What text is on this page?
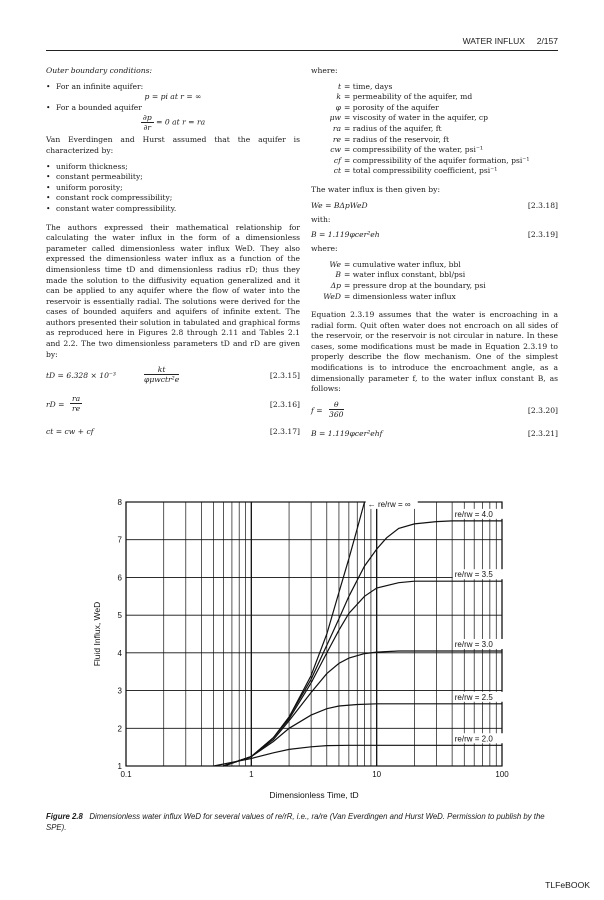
WATER INFLUX 2/157
Outer boundary conditions:
• For an infinite aquifer:
p = pi at r = ∞
• For a bounded aquifer
$\frac{\partial p}{\partial r} = 0$ at r = ra
Van Everdingen and Hurst assumed that the aquifer is characterized by:
• uniform thickness;
• constant permeability;
• uniform porosity;
• constant rock compressibility;
• constant water compressibility.
The authors expressed their mathematical relationship for calculating the water influx in the form of a dimensionless parameter called dimensionless water influx WeD. They also expressed the dimensionless water influx as a function of the dimensionless time tD and dimensionless radius rD; thus they made the solution to the diffusivity equation generalized and it can be applied to any aquifer where the flow of water into the reservoir is essentially radial. The solutions were derived for the cases of bounded aquifers and aquifers of infinite extent. The authors presented their solution in tabulated and graphical forms as reproduced here in Figures 2.8 through 2.11 and Tables 2.1 and 2.2. The two dimensionless parameters tD and rD are given by:
tD = 6.328 × 10⁻³
kt
φμwctr²e	[2.3.15]
rD = $\frac{ra}{re}$	[2.3.16]
ct = cw + cf	[2.3.17]
where:
t = time, days
k = permeability of the aquifer, md
φ = porosity of the aquifer
μw = viscosity of water in the aquifer, cp
ra = radius of the aquifer, ft
re = radius of the reservoir, ft
cw = compressibility of the water, psi⁻¹
cf = compressibility of the aquifer formation, psi⁻¹
ct = total compressibility coefficient, psi⁻¹
The water influx is then given by:
We = BΔpWeD	[2.3.18]
with:
B = 1.119φcer²eh	[2.3.19]
where:
We = cumulative water influx, bbl
B = water influx constant, bbl/psi
Δp = pressure drop at the boundary, psi
WeD = dimensionless water influx
Equation 2.3.19 assumes that the water is encroaching in a radial form. Quit often water does not encroach on all sides of the reservoir, or the reservoir is not circular in nature. In these cases, some modifications must be made in Equation 2.3.19 to properly describe the flow mechanism. One of the simplest modifications is to introduce the encroachment angle, as a dimensionally parameter f, to the water influx constant B, as follows:
$f = \frac{\theta}{360}$	[2.3.20]
B = 1.119φcer²ehf	[2.3.21]
1
2
3
4
5
6
7
8
0.1	1	10	100
Dimensionless Time, tD
Fluid Influx, WeD
← re/rw = ∞
re/rw = 4.0
re/rw = 3.5
re/rw = 3.0
re/rw = 2.5
re/rw = 2.0
Figure 2.8 Dimensionless water influx WeD for several values of re/rR, i.e., ra/re (Van Everdingen and Hurst WeD. Permission to publish by the SPE).
TLFeBOOK
